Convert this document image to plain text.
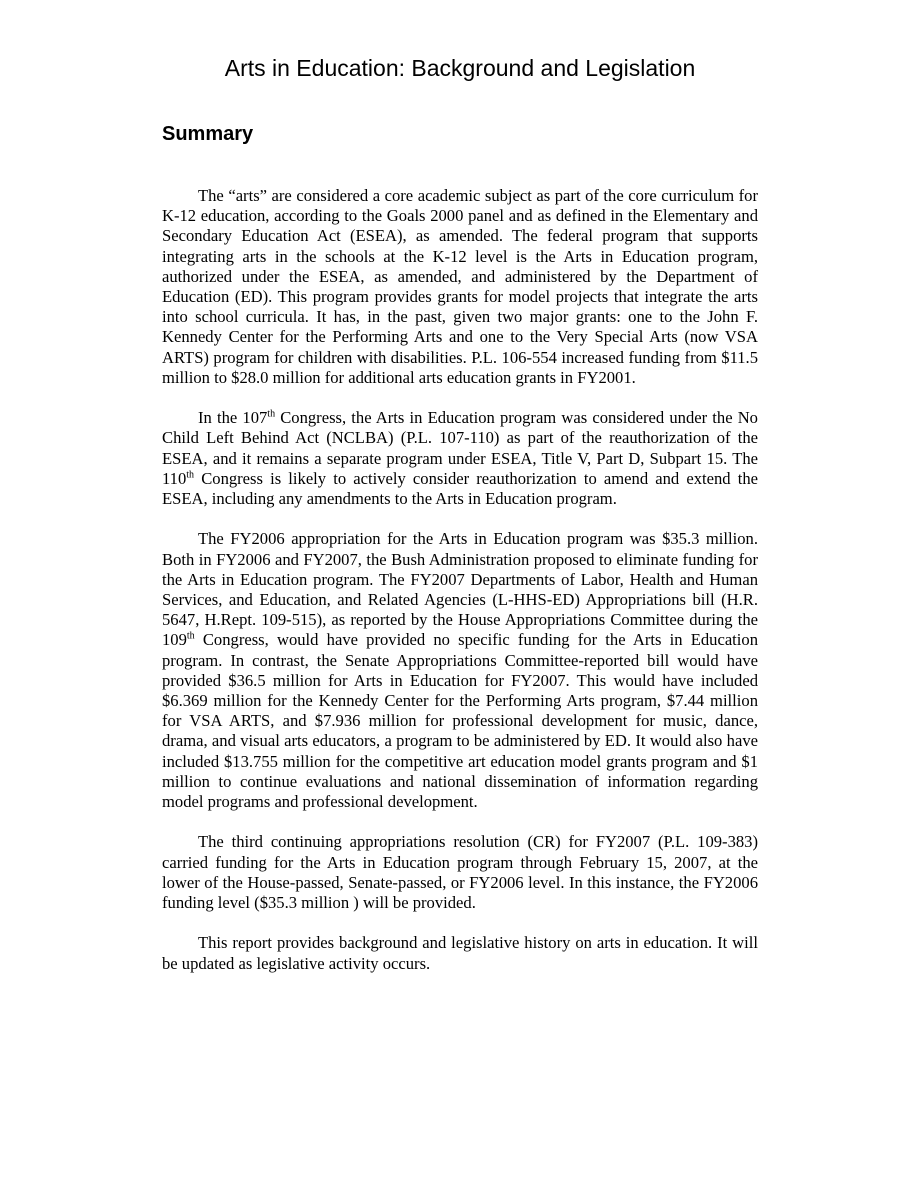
Arts in Education: Background and Legislation
Summary

The “arts” are considered a core academic subject as part of the core curriculum for K-12 education, according to the Goals 2000 panel and as defined in the Elementary and Secondary Education Act (ESEA), as amended. The federal program that supports integrating arts in the schools at the K-12 level is the Arts in Education program, authorized under the ESEA, as amended, and administered by the Department of Education (ED). This program provides grants for model projects that integrate the arts into school curricula. It has, in the past, given two major grants: one to the John F. Kennedy Center for the Performing Arts and one to the Very Special Arts (now VSA ARTS) program for children with disabilities. P.L. 106-554 increased funding from $11.5 million to $28.0 million for additional arts education grants in FY2001.

In the 107th Congress, the Arts in Education program was considered under the No Child Left Behind Act (NCLBA) (P.L. 107-110) as part of the reauthorization of the ESEA, and it remains a separate program under ESEA, Title V, Part D, Subpart 15. The 110th Congress is likely to actively consider reauthorization to amend and extend the ESEA, including any amendments to the Arts in Education program.

The FY2006 appropriation for the Arts in Education program was $35.3 million. Both in FY2006 and FY2007, the Bush Administration proposed to eliminate funding for the Arts in Education program. The FY2007 Departments of Labor, Health and Human Services, and Education, and Related Agencies (L-HHS-ED) Appropriations bill (H.R. 5647, H.Rept. 109-515), as reported by the House Appropriations Committee during the 109th Congress, would have provided no specific funding for the Arts in Education program. In contrast, the Senate Appropriations Committee-reported bill would have provided $36.5 million for Arts in Education for FY2007. This would have included $6.369 million for the Kennedy Center for the Performing Arts program, $7.44 million for VSA ARTS, and $7.936 million for professional development for music, dance, drama, and visual arts educators, a program to be administered by ED. It would also have included $13.755 million for the competitive art education model grants program and $1 million to continue evaluations and national dissemination of information regarding model programs and professional development.

The third continuing appropriations resolution (CR) for FY2007 (P.L. 109-383) carried funding for the Arts in Education program through February 15, 2007, at the lower of the House-passed, Senate-passed, or FY2006 level. In this instance, the FY2006 funding level ($35.3 million ) will be provided.

This report provides background and legislative history on arts in education. It will be updated as legislative activity occurs.
